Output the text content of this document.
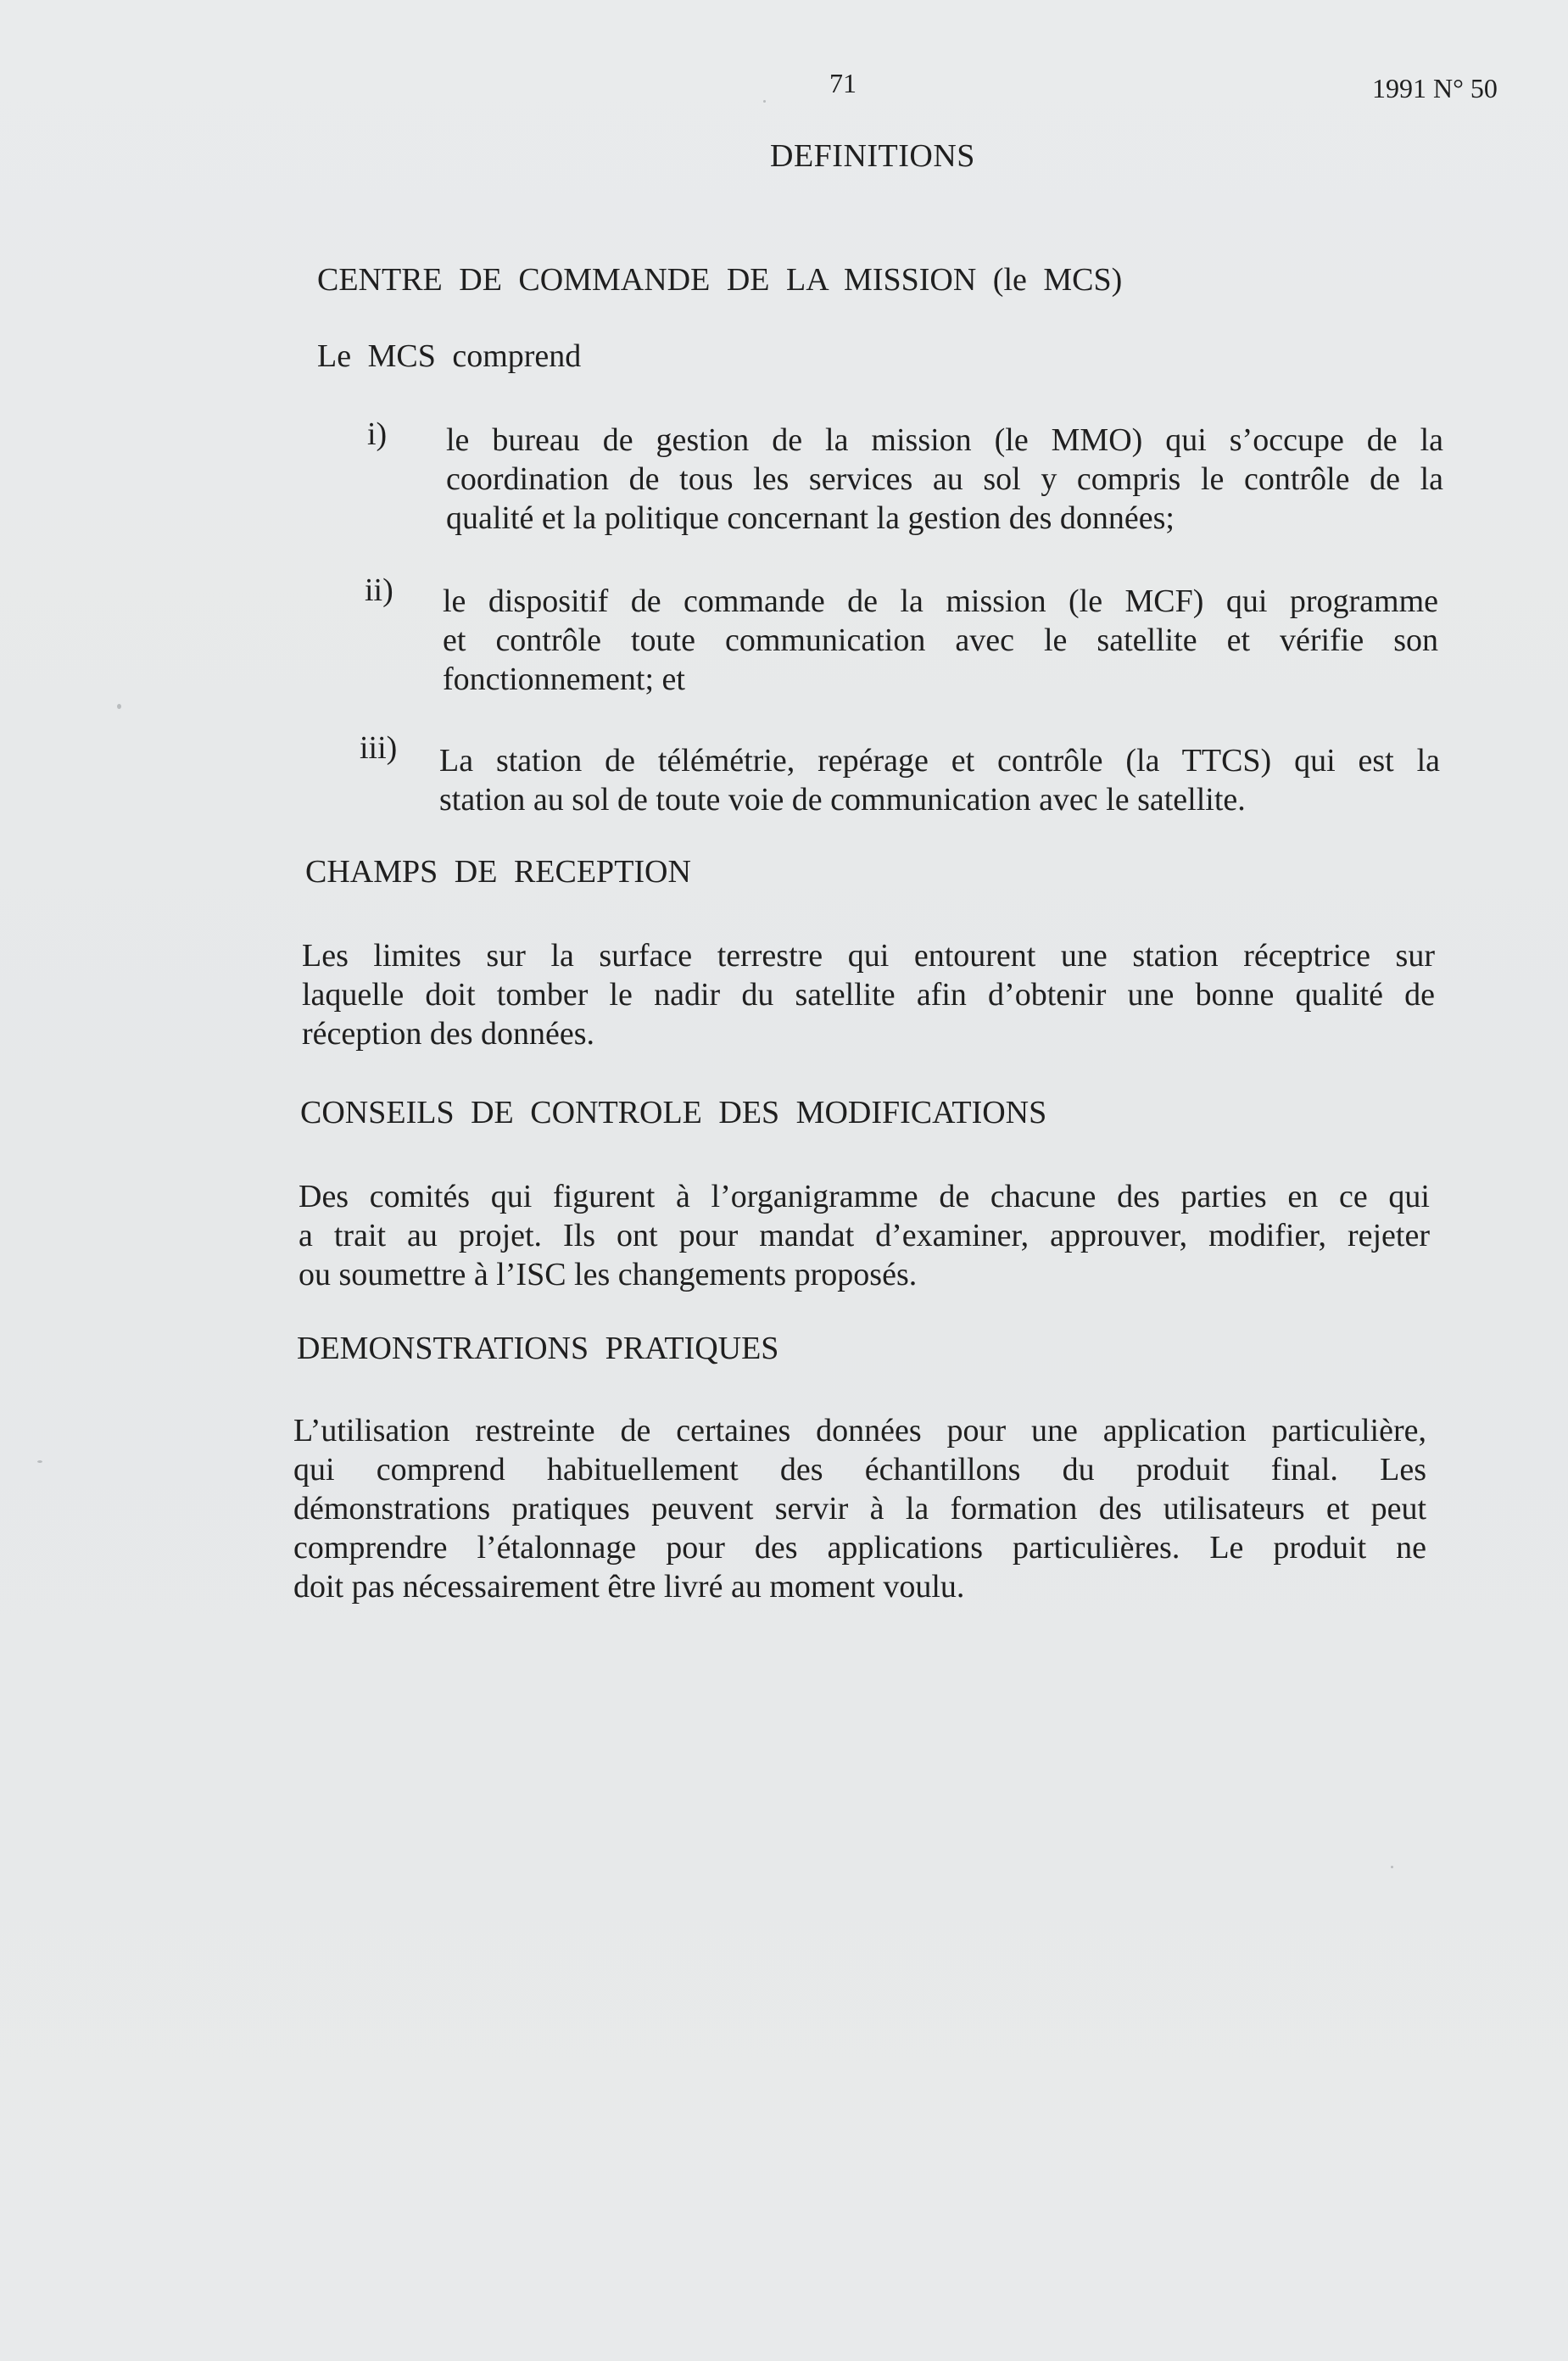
71	1991 N° 50
DEFINITIONS
CENTRE DE COMMANDE DE LA MISSION (le MCS)
Le MCS comprend
i) le bureau de gestion de la mission (le MMO) qui s’occupe de la
coordination de tous les services au sol y compris le contrôle de la
qualité et la politique concernant la gestion des données;
ii) le dispositif de commande de la mission (le MCF) qui programme
et contrôle toute communication avec le satellite et vérifie son
fonctionnement; et
iii) La station de télémétrie, repérage et contrôle (la TTCS) qui est la
station au sol de toute voie de communication avec le satellite.
CHAMPS DE RECEPTION
Les limites sur la surface terrestre qui entourent une station réceptrice sur
laquelle doit tomber le nadir du satellite afin d’obtenir une bonne qualité de
réception des données.
CONSEILS DE CONTROLE DES MODIFICATIONS
Des comités qui figurent à l’organigramme de chacune des parties en ce qui
a trait au projet. Ils ont pour mandat d’examiner, approuver, modifier, rejeter
ou soumettre à l’ISC les changements proposés.
DEMONSTRATIONS PRATIQUES
L’utilisation restreinte de certaines données pour une application particulière,
qui comprend habituellement des échantillons du produit final. Les
démonstrations pratiques peuvent servir à la formation des utilisateurs et peut
comprendre l’étalonnage pour des applications particulières. Le produit ne
doit pas nécessairement être livré au moment voulu.
